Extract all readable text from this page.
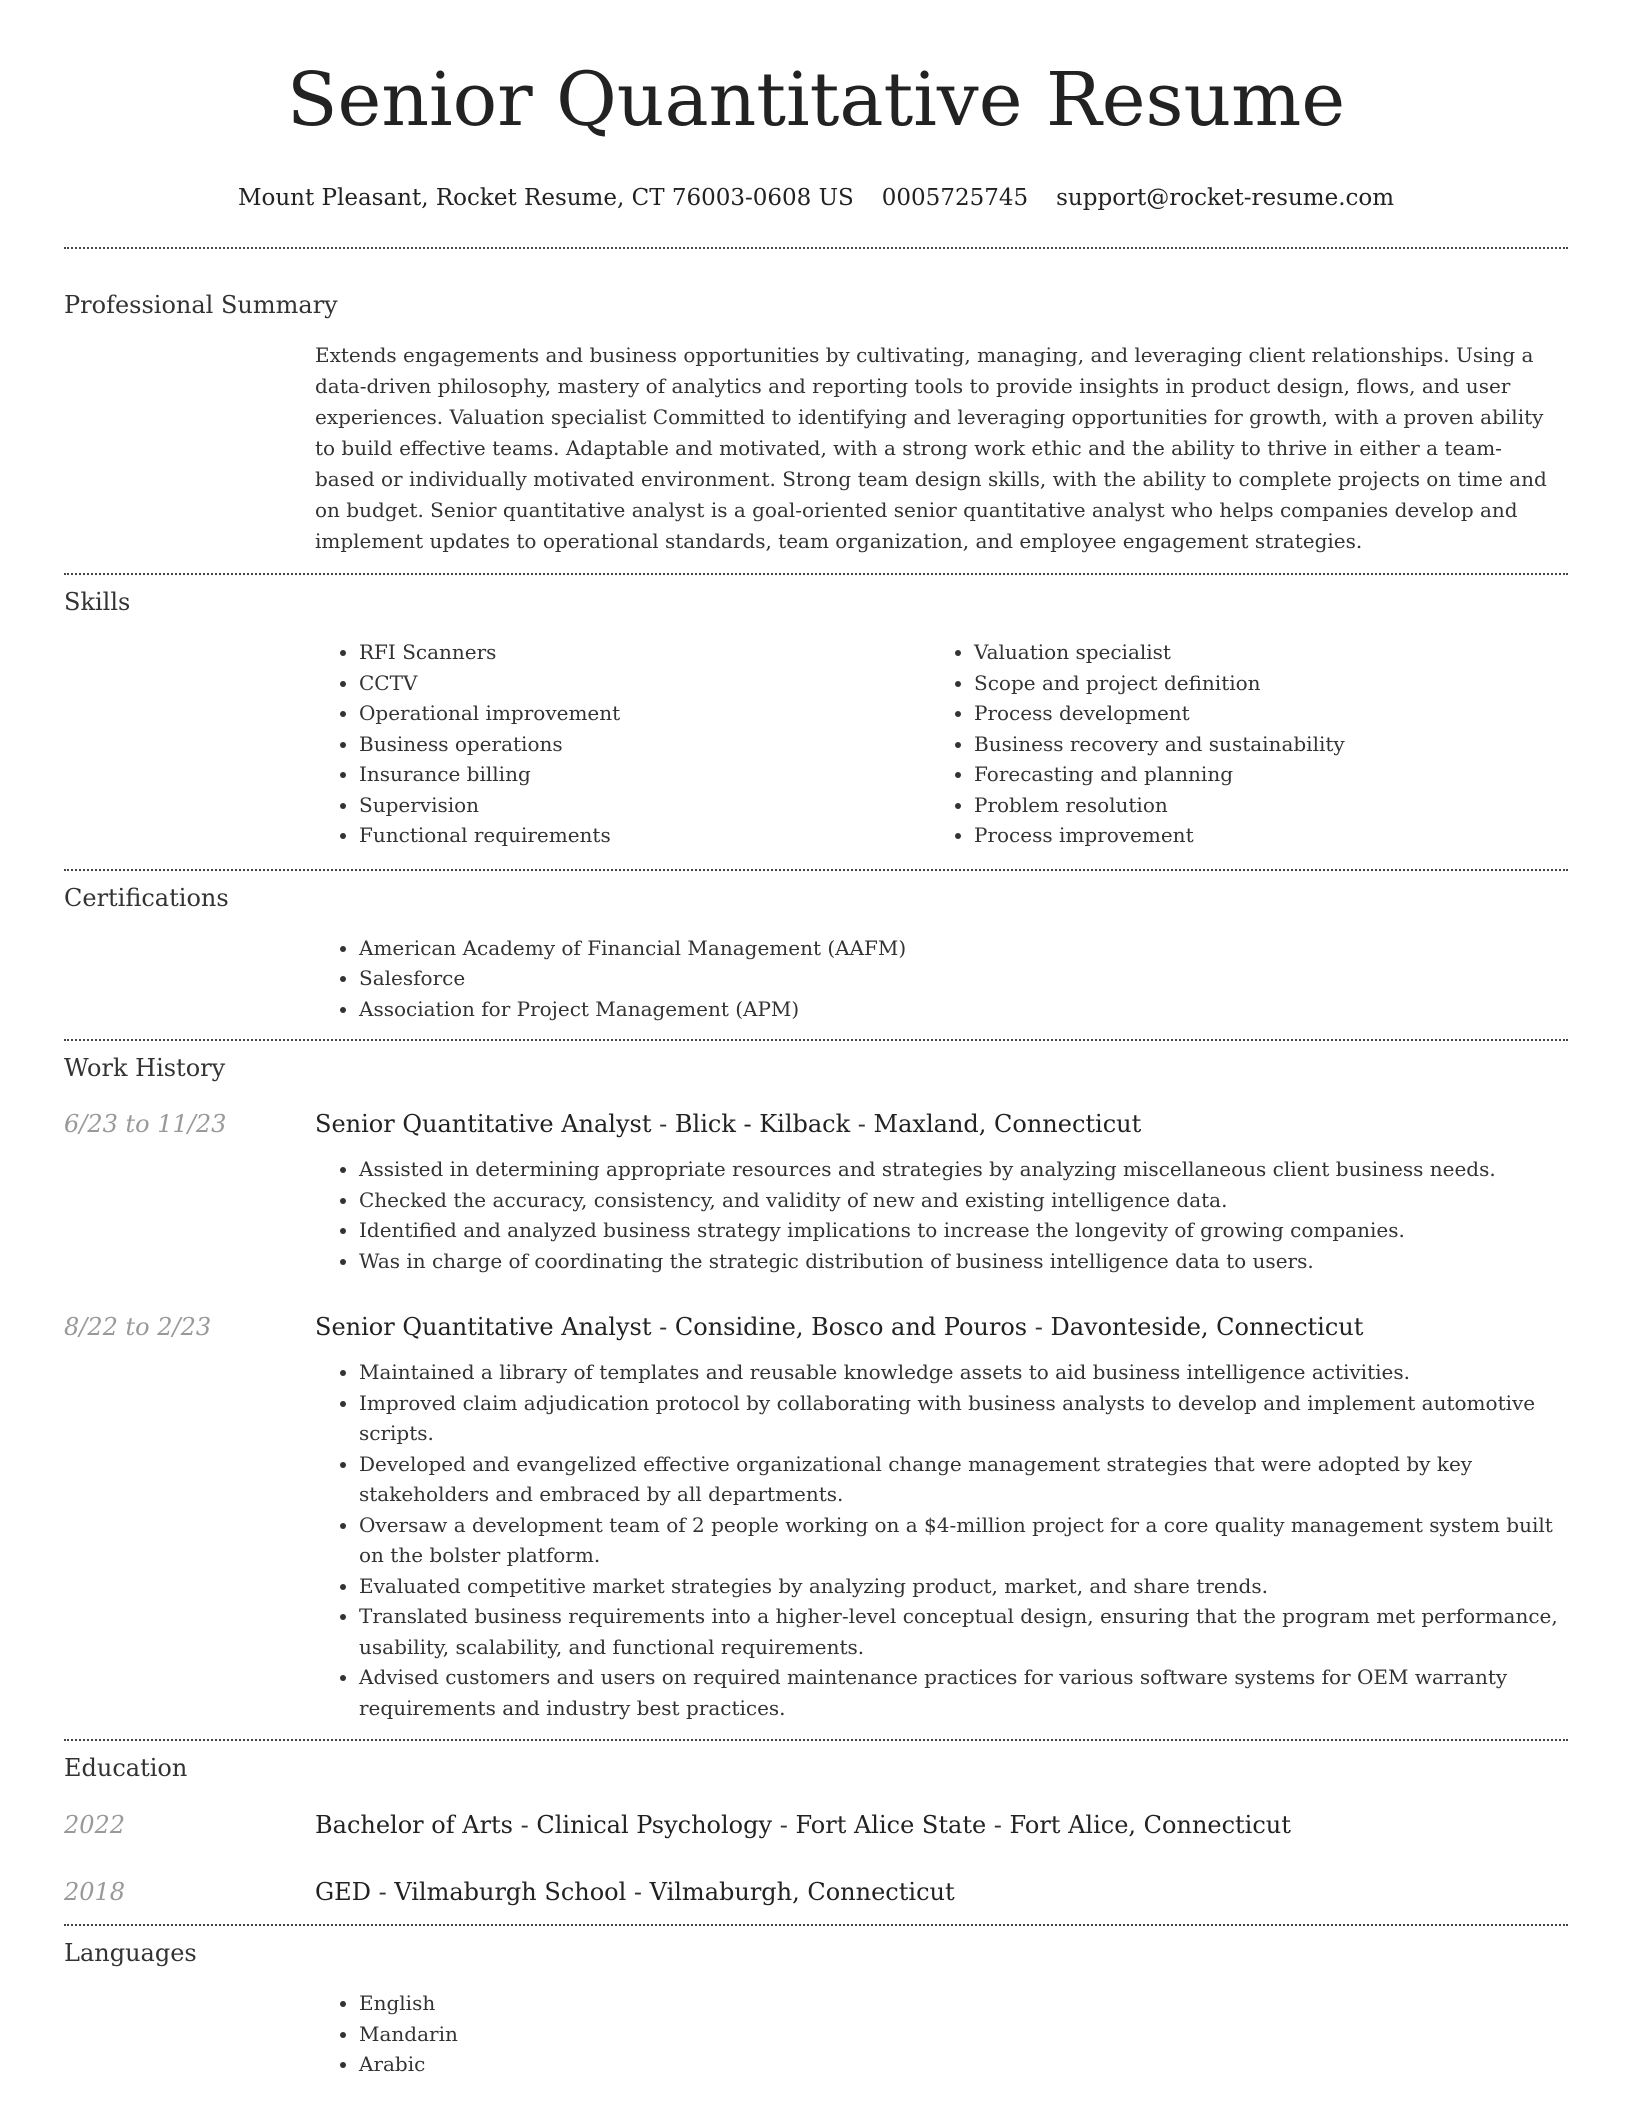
Senior Quantitative Resume
Mount Pleasant, Rocket Resume, CT 76003-0608 US 0005725745 support@rocket-resume.com
Professional Summary
Extends engagements and business opportunities by cultivating, managing, and leveraging client relationships. Using a data-driven philosophy, mastery of analytics and reporting tools to provide insights in product design, flows, and user experiences. Valuation specialist Committed to identifying and leveraging opportunities for growth, with a proven ability to build effective teams. Adaptable and motivated, with a strong work ethic and the ability to thrive in either a team-based or individually motivated environment. Strong team design skills, with the ability to complete projects on time and on budget. Senior quantitative analyst is a goal-oriented senior quantitative analyst who helps companies develop and implement updates to operational standards, team organization, and employee engagement strategies.
Skills
• RFI Scanners
• CCTV
• Operational improvement
• Business operations
• Insurance billing
• Supervision
• Functional requirements
• Valuation specialist
• Scope and project definition
• Process development
• Business recovery and sustainability
• Forecasting and planning
• Problem resolution
• Process improvement
Certifications
• American Academy of Financial Management (AAFM)
• Salesforce
• Association for Project Management (APM)
Work History
6/23 to 11/23	Senior Quantitative Analyst - Blick - Kilback - Maxland, Connecticut
• Assisted in determining appropriate resources and strategies by analyzing miscellaneous client business needs.
• Checked the accuracy, consistency, and validity of new and existing intelligence data.
• Identified and analyzed business strategy implications to increase the longevity of growing companies.
• Was in charge of coordinating the strategic distribution of business intelligence data to users.
8/22 to 2/23	Senior Quantitative Analyst - Considine, Bosco and Pouros - Davonteside, Connecticut
• Maintained a library of templates and reusable knowledge assets to aid business intelligence activities.
• Improved claim adjudication protocol by collaborating with business analysts to develop and implement automotive scripts.
• Developed and evangelized effective organizational change management strategies that were adopted by key stakeholders and embraced by all departments.
• Oversaw a development team of 2 people working on a $4-million project for a core quality management system built on the bolster platform.
• Evaluated competitive market strategies by analyzing product, market, and share trends.
• Translated business requirements into a higher-level conceptual design, ensuring that the program met performance, usability, scalability, and functional requirements.
• Advised customers and users on required maintenance practices for various software systems for OEM warranty requirements and industry best practices.
Education
2022	Bachelor of Arts - Clinical Psychology - Fort Alice State - Fort Alice, Connecticut
2018	GED - Vilmaburgh School - Vilmaburgh, Connecticut
Languages
• English
• Mandarin
• Arabic
